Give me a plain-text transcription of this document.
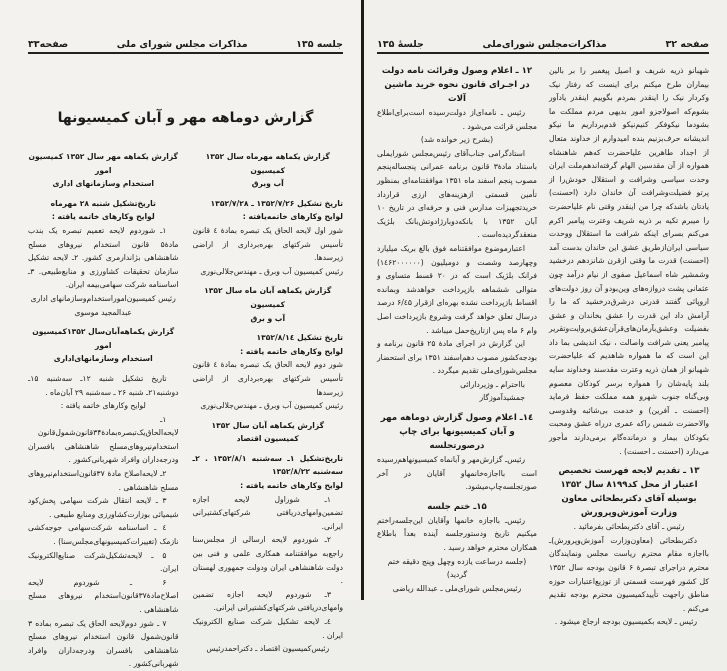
جلسه ۱۳۵
مذاکرات مجلس شورای ملی
صفحه۳۳
گزارش دوماهه مهر و آبان کمیسیونها

گزارش یکماهه مهرماه سال ۱۳۵۲ کمیسیون

آب وبرق

تاریخ تشکیل ۱۳۵۲/۷/۲۶ ـ ۱۳۵۲/۷/۲۸

لوایح وکارهای خاتمه‌یافته :

شور اول لایحه الحاق یک تبصره بمادهٔ ٤ قانون تأسیس شرکتهای بهره‌برداری از اراضی زیرسدها.

رئیس کمیسیون آب وبرق ـ مهندس‌جلالی‌نوری

گزارش یکماهه آبان ماه سال ۱۳۵۲ کمیسیون

آب و برق

تاریخ تشکیل ۱۳۵۲/۸/۱٤

لوایح وکارهای خاتمه یافته :

شور دوم لایحه الحاق یک تبصره بمادهٔ ٤ قانون تأسیس شرکتهای بهره‌برداری از اراضی زیرسدها

رئیس کمیسیون آب وبرق ـ مهندس‌جلالی‌نوری

گزارش یکماهه آبان سال ۱۳۵۲

کمیسیون اقتصاد

تاریخ‌تشکیل ۱ـ سه‌شنبه ۱۳۵۲/۸/۱ . ۲ـ سه‌شنبه ۱۳۵۲/۸/۲۲

لوایح وکارهای خاتمه یافته :

۱ـ شوراول لایحه اجازه تضمین‌وامهای‌دریافتی شرکتهای‌کشتیرانی ایرانی.

۲ـ شوردوم لایحه ارسالی از مجلس‌سنا راجع‌به موافقتنامه همکاری علمی و فنی بین دولت شاهنشاهی ایران ودولت جمهوری لهستان .

۳ـ شوردوم لایحه اجازه تضمین وامهای‌دریافتی شرکتهای‌کشتیرانی ایرانی.

٤ـ لایحه تشکیل شرکت صنایع الکترونیک ایران .

رئیس‌کمیسیون اقتصاد ـ دکتراحمدرئیس

گزارش یکماهه مهر سال ۱۳۵۲ کمیسیون امور

استخدام وسازمانهای اداری

تاریخ‌تشکیل شنبه ۲۸ مهرماه

لوایح وکارهای خاتمه یافته :

۱ـ شوردوم لایحه تعمیم تبصره یک بندب مادهٔ۵ قانون استخدام نیروهای مسلح شاهنشاهی بژاندارمری کشور. ۲ـ لایحه تشکیل سازمان تحقیقات کشاورزی و منابع‌طبیعی. ۳ـ اساسنامه شرکت سهامی‌بیمه ایران.

رئیس کمیسیون‌امور‌استخدام‌وسازمانهای اداری

عبدالمجید موسوی

گزارش یکماهه‌آبان‌سال ۱۳۵۲کمیسیون امور

استخدام وسازمانهای‌اداری

تاریخ تشکیل شنبه ۱۲ـ سه‌شنبه ۱۵ـ دوشنبه۲۱ـ شنبه ۲۶ ـ سه‌شنبه ۲۹ آبان‌ماه .

لوایح وکارهای خاتمه یافته :

۱ـ لایحه‌الحاق‌یک‌تبصره‌بمادهٔ۳۴قانون‌شمول‌قانون استخدام‌نیروهای‌مسلح شاهنشاهی بافسران ودرجه‌داران وافراد شهربانی‌کشور .

۲ـ لایحه‌اصلاح مادهٔ ۳۷قانون‌استخدام‌نیروهای مسلح شاهنشاهی .

۳ ـ لایحه انتقال شرکت سهامی پخش‌کود شیمیائی بوزارت‌کشاورزی ومنابع طبیعی .

٤ ـ اساسنامه شرکت‌سهامی جوجه‌کشی نازمک (تغییرات‌کمیسیونهای‌مجلس‌سنا) .

۵ ـ لایحه‌تشکیل‌شرکت صنایع‌الکترونیک ایران.

۶ ـ شوردوم لایحه اصلاح‌مادهٔ۳۷قانون‌استخدام نیروهای مسلح شاهنشاهی .

۷ ـ شور دوم‌لایحه الحاق یک تبصره بماده ۳ قانون‌شمول قانون استخدام نیروهای مسلح شاهنشاهی بافسران ودرجه‌داران وافراد شهربانی‌کشور .

صفحه ۳۲
مذاکرات‌مجلس شورای‌ملی
جلسهٔ ۱۳۵

شهبانو ذریه شریف و اصیل پیغمبر را بر بالین بیماران طرح میکنم برای اینست که رفتار نیک وکردار نیک را اینقدر بمردم بگوییم اینقدر یادآور بشوم‌که اصولاجزو امور بدیهی مردم مملکت ما بشودما نیکوفکر کنیم‌نیکو قدم‌برداریم ما نیکو اندیشانه حرف‌بزنیم بنده امیدوارم از خداوند متعال از اجداد طاهرین علیاحضرت که‌هم شاهنشاه همواره از آن مقدسین الهام گرفته‌اندهم‌ملت ایران وحدت سیاسی وشرافت و استقلال خودش‌را از پرتو فضیلت‌وشرافت آن خاندان دارد (احسنت) یادتان باشدکه چرا من اینقدر وقتی نام علیاحضرت را میبرم تکیه بر ذریه شریف وعترت پیامبر اکرم می‌کنم بسرای اینکه شرافت ما استقلال ووحدت سیاسی ایران‌ازطریق عشق این خاندان بدست آمد (احسنت) قدرت ما وقتی ازقرن شانزدهم درخشید وشمشیر شاه اسماعیل صفوی از نیام درآمد چون عثمانی پشت دروازه‌های وین‌بودو آن روز دولت‌های اروپائی گفتند قدرتی درشرق‌درخشید که ما را آرامش داد این قدرت را عشق بخاندان و عشق بفضیلت وعشق‌بآرمان‌های‌قرآن‌عشق‌بروایت‌وتقریر پیامبر یعنی شرافت واصالت ، نیک اندیشی بما داد این است که ما همواره شاهدیم که علیاحضرت شهبانو از همان ذریه وعترت مقدسند وخداوند سایه بلند پایه‌شان را همواره برسر کودکان معصوم وبی‌گناه جنوب شهرو همه مملکت حفظ فرماید (احسنت ـ آفرین) و خدمت بی‌شائبه وقدوسی والاحضرت شمس راکه عمری درراه عشق ومحبت بکودکان بیمار و درمانده‌گام برمی‌دارند مأجور می‌دارد (احسنت ـ احسنت) .

۱۳ ـ تقدیم لایحه فهرست تخصیص اعتبار از محل کد۸۱۹۹ سال ۱۳۵۲ بوسیله آقای دکتربطحائی معاون وزارت آموزش‌وپرورش

رئیس ـ آقای دکتربطحائی بفرمائید .

دکتربطحائی (معاون‌وزارت آموزش‌وپرورش)ـ بااجازه مقام محترم ریاست مجلس ونمایندگان محترم دراجرای تبصرهٔ ۶ قانون بودجه سال ۱۳۵۲ کل کشور فهرست قسمتی از توزیع‌اعتبارات حوزه مناطق راجهت تأیید‌کمیسیون محترم بودجه تقدیم می‌کنم .

رئیس ـ لایحه بکمیسیون بودجه ارجاع میشود .

۱۲ ـ اعلام وصول وقرائت نامه دولت در اجـرای قانون نحوه خرید ماشین آلات

رئیس ـ نامه‌ای‌از دولت‌رسیده است‌برای‌اطلاع مجلس قرائت می‌شود .

(بشرح زیر خوانده شد)

استادگرامی جناب‌آقای رئیس‌مجلس شورایملی باستناد مادهٔ۳ قانون برنامه عمرانی پنجساله‌پنجم مصوب پنجم اسفند ماه ۱۳۵۱ موافقتنامه‌ای بمنظور تأمین قسمتی ازهزینه‌های ارزی قرارداد خریدتجهیزات مدارس فنی و حرفه‌ای در تاریخ ۱۰ آبان ۱۳۵۲ با بانکه‌دوبارژادوتش‌بانک بلژیک منعقدگردیده‌است .

اعتبارموضوع موافقتنامه فوق بالغ بریک میلیارد وچهارصد وشصت و دومیلیون (۱٤۶۲۰۰۰۰۰۰) فرانک بلژیک است که در ۲۰ قسط متساوی و متوالی ششماهه بازپرداخت خواهدشد وبمانده اقساط بازپرداخت نشده بهره‌ای ازقرار ۶/٤۵ درصد درسال تعلق خواهد گرفت وشروع بازپرداخت اصل وام ۶ ماه پس ازتاریخ‌حمل میباشد .

این گزارش در اجرای مادهٔ ۲۵ قانون برنامه و بودجه‌کشور مصوب دهم‌اسفند ۱۳۵۱ برای استحضار مجلس‌شورای‌ملی تقدیم میگردد .

بااحترام ـ وزیردارائی

جمشیدآموزگار

۱٤ـ اعلام وصول گزارش دوماهه مهر و آبان کمیسیونها برای چاپ درصورتجلسه

رئیس‌ـ گزارش‌مهر و آبانماه کمیسیونهاهم‌رسیده است بااجازه‌خانمهاو آقایان در آخر صورتجلسه‌چاپ‌میشود.

۱۵ـ ختم جلسه

رئیس‌ـ بااجازه خانمها وآقایان این‌جلسه‌راختم میکنیم تاریخ ودستورجلسه آینده بعداً باطلاع همکاران محترم خواهد رسید .

(جلسه درساعت یازده وچهل وپنج دقیقه ختم گردید)

رئیس‌مجلس شورای‌ملی ـ عبدالله ریاضی
